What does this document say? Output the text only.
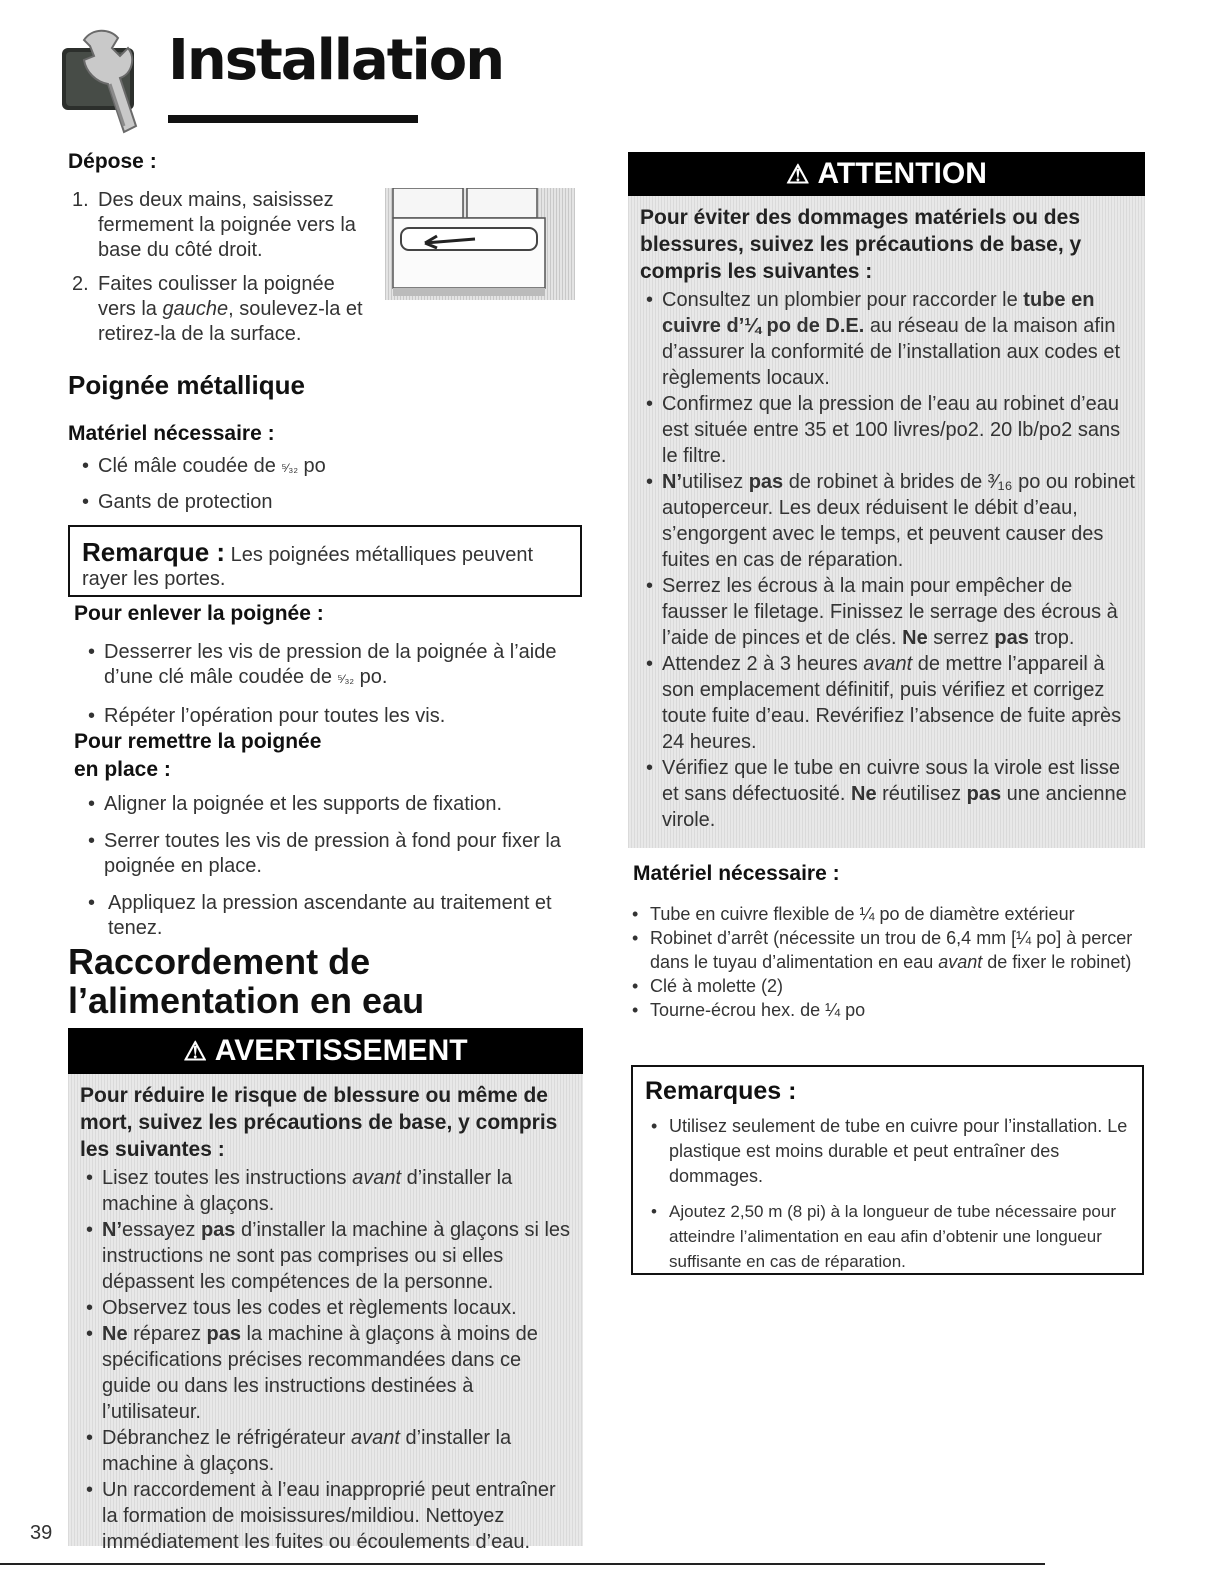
Installation
Dépose :
1. Des deux mains, saisissez fermement la poignée vers la base du côté droit.
2. Faites coulisser la poignée vers la gauche, soulevez-la et retirez-la de la surface.
Poignée métallique
Matériel nécessaire :
• Clé mâle coudée de ⁵⁄₃₂ po
• Gants de protection
Remarque : Les poignées métalliques peuvent rayer les portes.
Pour enlever la poignée :
• Desserrer les vis de pression de la poignée à l’aide d’une clé mâle coudée de ⁵⁄₃₂ po.
• Répéter l’opération pour toutes les vis.
Pour remettre la poignée
en place :
• Aligner la poignée et les supports de fixation.
• Serrer toutes les vis de pression à fond pour fixer la poignée en place.
• Appliquez la pression ascendante au traitement et tenez.
Raccordement de
l’alimentation en eau
⚠ AVERTISSEMENT

Pour réduire le risque de blessure ou même de mort, suivez les précautions de base, y compris les suivantes :

• Lisez toutes les instructions avant d’installer la machine à glaçons.
• N’essayez pas d’installer la machine à glaçons si les instructions ne sont pas comprises ou si elles dépassent les compétences de la personne.
• Observez tous les codes et règlements locaux.
• Ne réparez pas la machine à glaçons à moins de spécifications précises recommandées dans ce guide ou dans les instructions destinées à l’utilisateur.
• Débranchez le réfrigérateur avant d’installer la machine à glaçons.
• Un raccordement à l’eau inapproprié peut entraîner la formation de moisissures/mildiou. Nettoyez immédiatement les fuites ou écoulements d’eau.
⚠ ATTENTION

Pour éviter des dommages matériels ou des blessures, suivez les précautions de base, y compris les suivantes :

• Consultez un plombier pour raccorder le tube en cuivre d’¼ po de D.E. au réseau de la maison afin d’assurer la conformité de l’installation aux codes et règlements locaux.
• Confirmez que la pression de l’eau au robinet d’eau est située entre 35 et 100 livres/po2. 20 lb/po2 sans le filtre.
• N’utilisez pas de robinet à brides de ³⁄₁₆ po ou robinet autoperceur. Les deux réduisent le débit d’eau, s’engorgent avec le temps, et peuvent causer des fuites en cas de réparation.
• Serrez les écrous à la main pour empêcher de fausser le filetage. Finissez le serrage des écrous à l’aide de pinces et de clés. Ne serrez pas trop.
• Attendez 2 à 3 heures avant de mettre l’appareil à son emplacement définitif, puis vérifiez et corrigez toute fuite d’eau. Revérifiez l’absence de fuite après 24 heures.
• Vérifiez que le tube en cuivre sous la virole est lisse et sans défectuosité. Ne réutilisez pas une ancienne virole.
Matériel nécessaire :
• Tube en cuivre flexible de ¼ po de diamètre extérieur
• Robinet d’arrêt (nécessite un trou de 6,4 mm [¼ po] à percer dans le tuyau d’alimentation en eau avant de fixer le robinet)
• Clé à molette (2)
• Tourne-écrou hex. de ¼ po
Remarques :
• Utilisez seulement de tube en cuivre pour l’installation. Le plastique est moins durable et peut entraîner des dommages.
• Ajoutez 2,50 m (8 pi) à la longueur de tube nécessaire pour atteindre l’alimentation en eau afin d’obtenir une longueur suffisante en cas de réparation.
39
